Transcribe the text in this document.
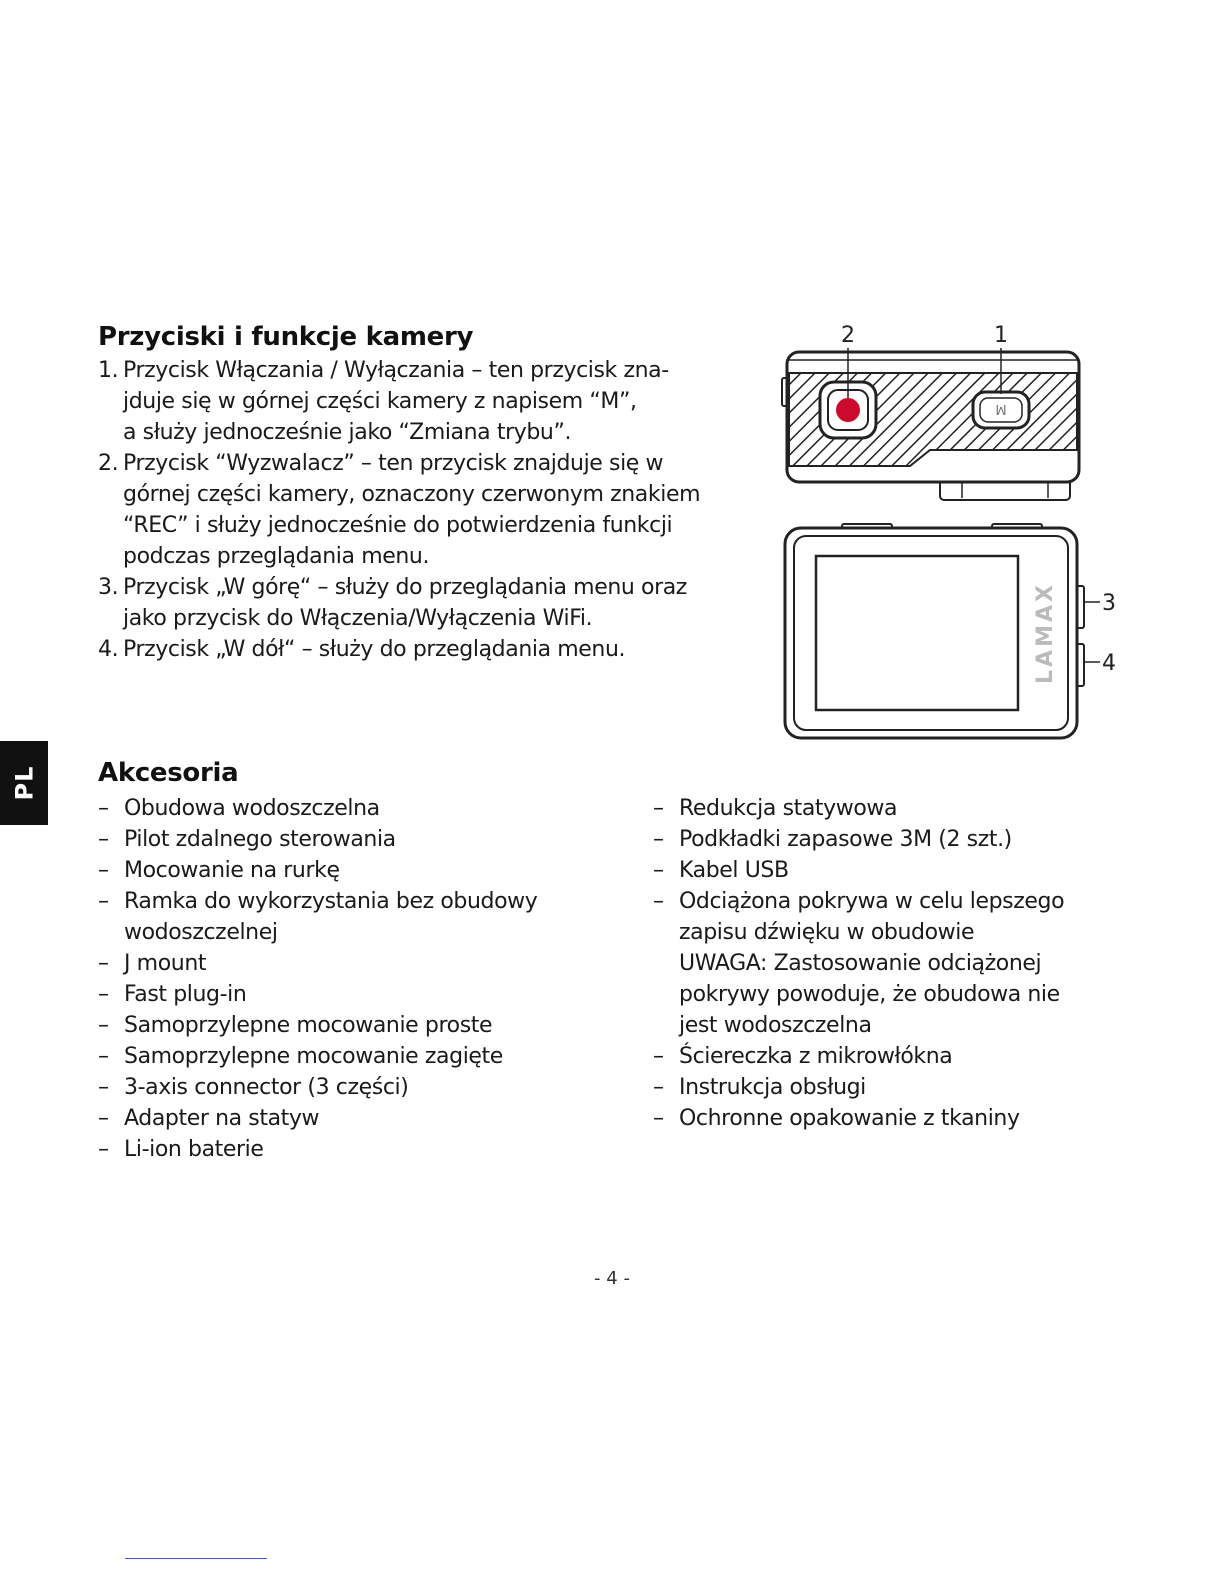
PL
Przyciski i funkcje kamery
1. Przycisk Włączania / Wyłączania – ten przycisk zna-
jduje się w górnej części kamery z napisem “M”,
a służy jednocześnie jako “Zmiana trybu”.
2. Przycisk “Wyzwalacz” – ten przycisk znajduje się w
górnej części kamery, oznaczony czerwonym znakiem
“REC” i służy jednocześnie do potwierdzenia funkcji
podczas przeglądania menu.
3. Przycisk „W górę“ – służy do przeglądania menu oraz
jako przycisk do Włączenia/Wyłączenia WiFi.
4. Przycisk „W dół“ – służy do przeglądania menu.
M
2	1
LAMAX 3
4
Akcesoria
– Obudowa wodoszczelna
– Pilot zdalnego sterowania
– Mocowanie na rurkę
– Ramka do wykorzystania bez obudowy
wodoszczelnej
– J mount
– Fast plug-in
– Samoprzylepne mocowanie proste
– Samoprzylepne mocowanie zagięte
– 3-axis connector (3 części)
– Adapter na statyw
– Li-ion baterie
– Redukcja statywowa
– Podkładki zapasowe 3M (2 szt.)
– Kabel USB
– Odciążona pokrywa w celu lepszego
zapisu dźwięku w obudowie
UWAGA: Zastosowanie odciążonej
pokrywy powoduje, że obudowa nie
jest wodoszczelna
– Ściereczka z mikrowłókna
– Instrukcja obsługi
– Ochronne opakowanie z tkaniny
- 4 -
